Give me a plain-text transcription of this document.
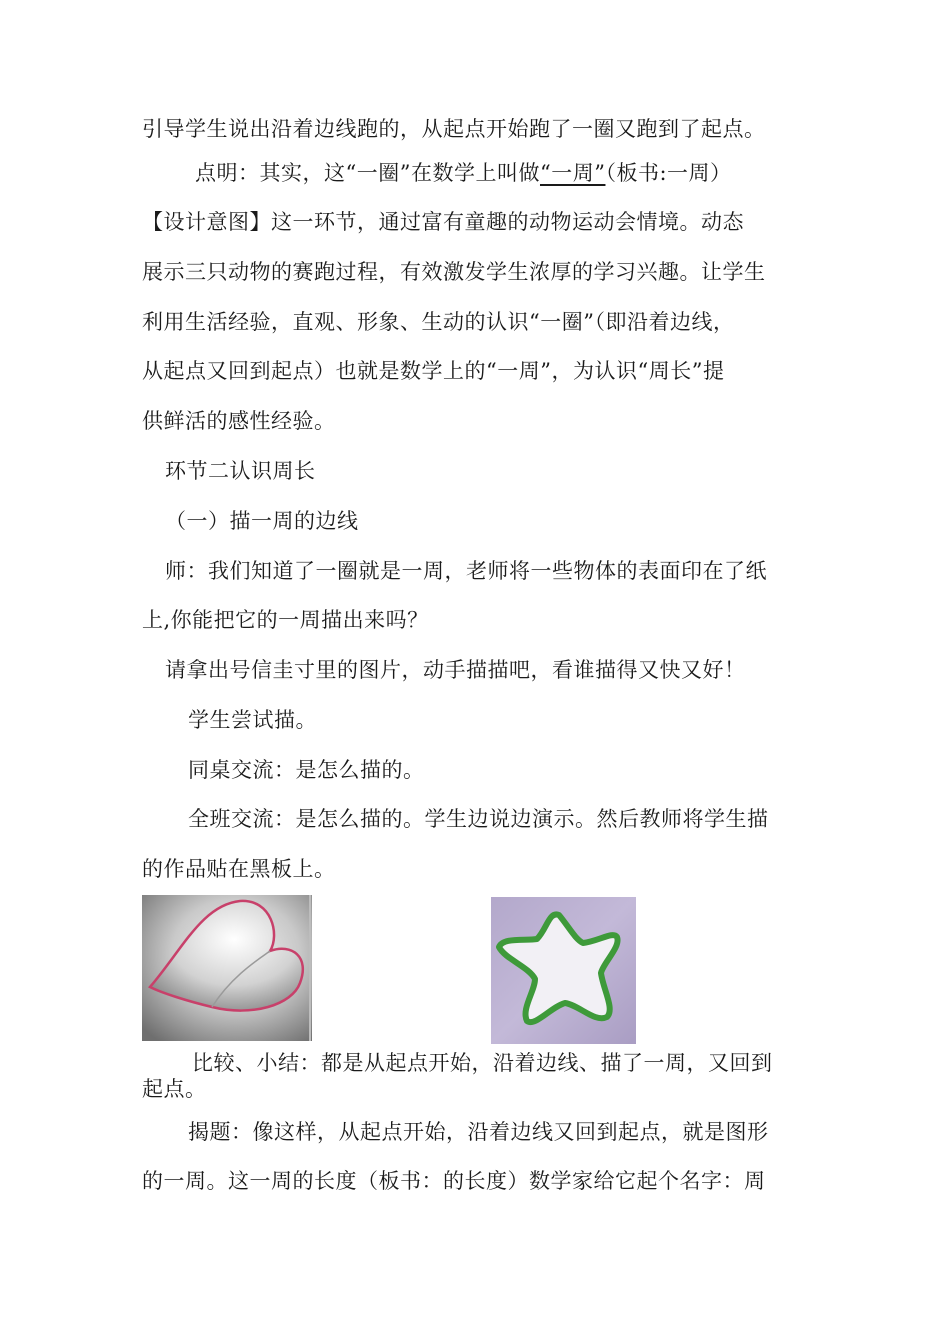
引导学生说出沿着边线跑的，从起点开始跑了一圈又跑到了起点。
点明：其实，这“一圈”在数学上叫做“一周”（板书:一周）
【设计意图】这一环节，通过富有童趣的动物运动会情境。动态
展示三只动物的赛跑过程，有效激发学生浓厚的学习兴趣。让学生
利用生活经验，直观、形象、生动的认识“一圈”（即沿着边线，
从起点又回到起点）也就是数学上的“一周”，为认识“周长”提
供鲜活的感性经验。
环节二认识周长
（一）描一周的边线
师：我们知道了一圈就是一周，老师将一些物体的表面印在了纸
上,你能把它的一周描出来吗？
请拿出号信圭寸里的图片，动手描描吧，看谁描得又快又好！
学生尝试描。
同桌交流：是怎么描的。
全班交流：是怎么描的。学生边说边演示。然后教师将学生描
的作品贴在黑板上。
比较、小结：都是从起点开始，沿着边线、描了一周，又回到
起点。
揭题：像这样，从起点开始，沿着边线又回到起点，就是图形
的一周。这一周的长度（板书：的长度）数学家给它起个名字：周
